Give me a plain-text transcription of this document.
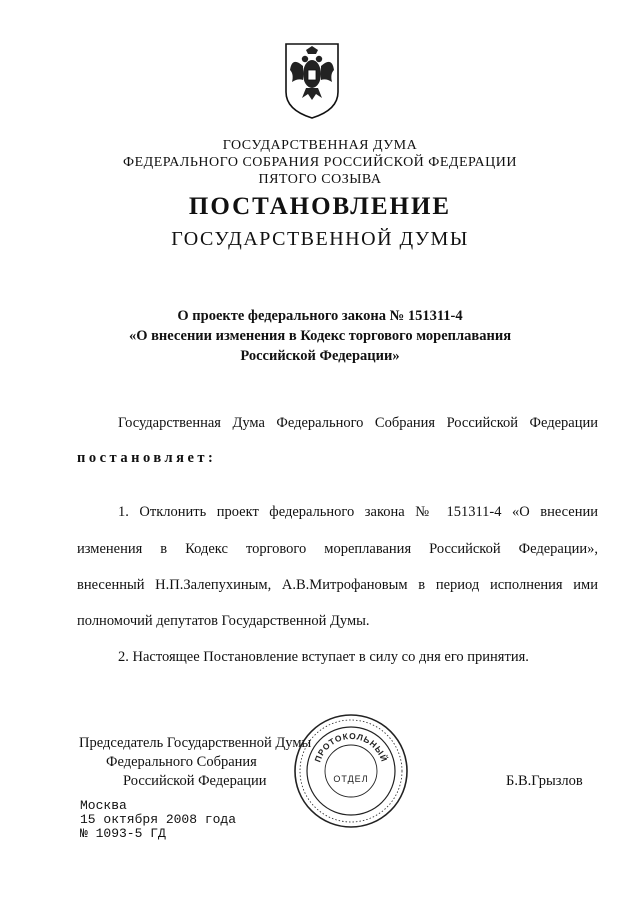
ГОСУДАРСТВЕННАЯ ДУМА
ФЕДЕРАЛЬНОГО СОБРАНИЯ РОССИЙСКОЙ ФЕДЕРАЦИИ
ПЯТОГО СОЗЫВА
ПОСТАНОВЛЕНИЕ
ГОСУДАРСТВЕННОЙ ДУМЫ
О проекте федерального закона № 151311-4
«О внесении изменения в Кодекс торгового мореплавания
Российской Федерации»
Государственная Дума Федерального Собрания Российской Федерации
постановляет:
1. Отклонить проект федерального закона № 151311-4 «О внесении
изменения в Кодекс торгового мореплавания Российской Федерации»,
внесенный Н.П.Залепухиным, А.В.Митрофановым в период исполнения ими
полномочий депутатов Государственной Думы.
2. Настоящее Постановление вступает в силу со дня его принятия.
Председатель Государственной Думы
Федерального Собрания
Российской Федерации	Б.В.Грызлов
ПРОТОКОЛЬНЫЙ
ОТДЕЛ
Москва
15 октября 2008 года
№ 1093-5 ГД
